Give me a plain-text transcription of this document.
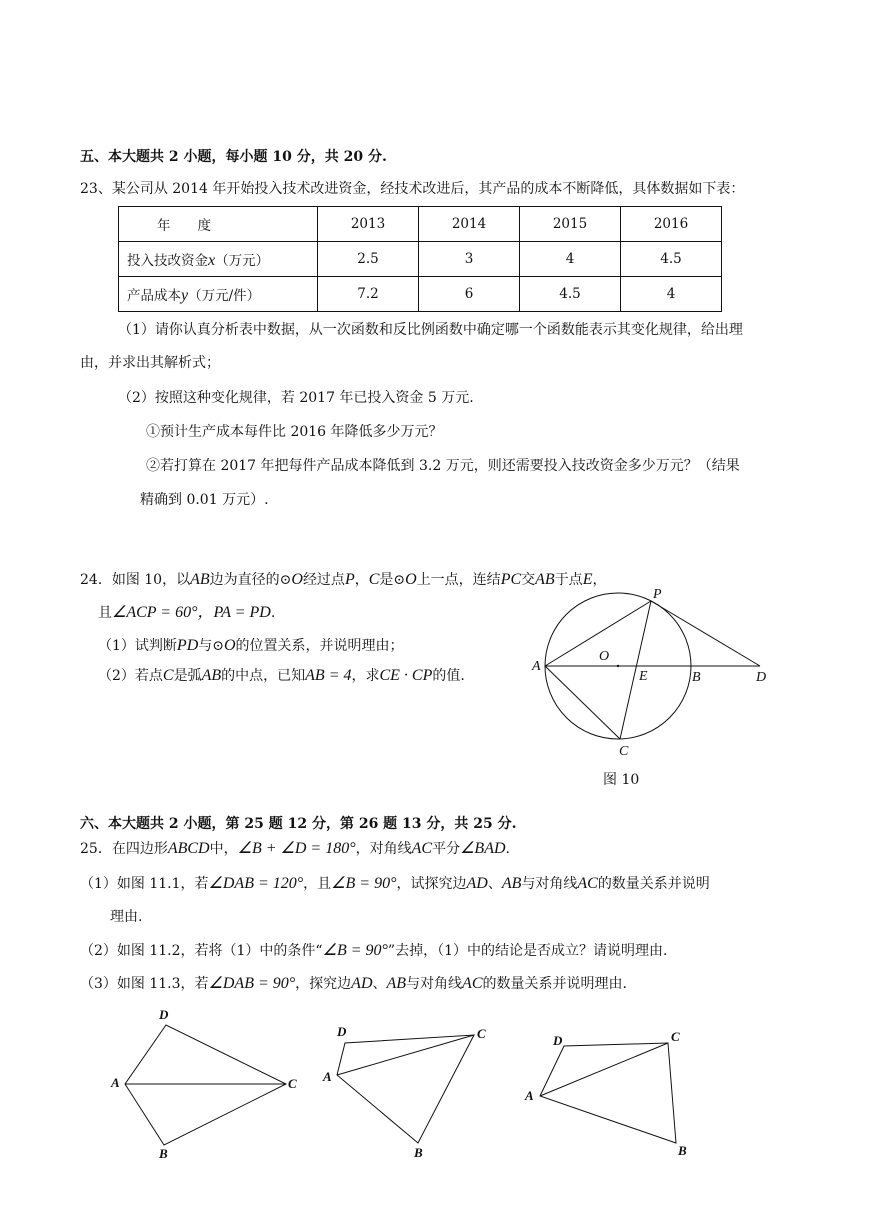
五、本大题共 2 小题，每小题 10 分，共 20 分.
23、某公司从 2014 年开始投入技术改进资金，经技术改进后，其产品的成本不断降低，具体数据如下表：
年　　度	2013	2014	2015	2016
投入技改资金x（万元）	2.5	3	4	4.5
产品成本y（万元/件）	7.2	6	4.5	4
（1）请你认真分析表中数据，从一次函数和反比例函数中确定哪一个函数能表示其变化规律，给出理
由，并求出其解析式；
（2）按照这种变化规律，若 2017 年已投入资金 5 万元.
①预计生产成本每件比 2016 年降低多少万元？
②若打算在 2017 年把每件产品成本降低到 3.2 万元，则还需要投入技改资金多少万元？（结果
精确到 0.01 万元）.
24．如图 10，以AB边为直径的⊙O经过点P，C是⊙O上一点，连结PC交AB于点E，
且∠ACP = 60°，PA = PD.
（1）试判断PD与⊙O的位置关系，并说明理由；
（2）若点C是弧AB的中点，已知AB = 4，求CE · CP的值.
P
O
A
E	B	D
C
A
D
C
B
A
D	C
B
A
D	C
B
图 10
六、本大题共 2 小题，第 25 题 12 分，第 26 题 13 分，共 25 分.
25．在四边形ABCD中，∠B + ∠D = 180°，对角线AC平分∠BAD.
（1）如图 11.1，若∠DAB = 120°，且∠B = 90°，试探究边AD、AB与对角线AC的数量关系并说明
理由.
（2）如图 11.2，若将（1）中的条件“∠B = 90°”去掉，（1）中的结论是否成立？请说明理由.
（3）如图 11.3，若∠DAB = 90°，探究边AD、AB与对角线AC的数量关系并说明理由.
